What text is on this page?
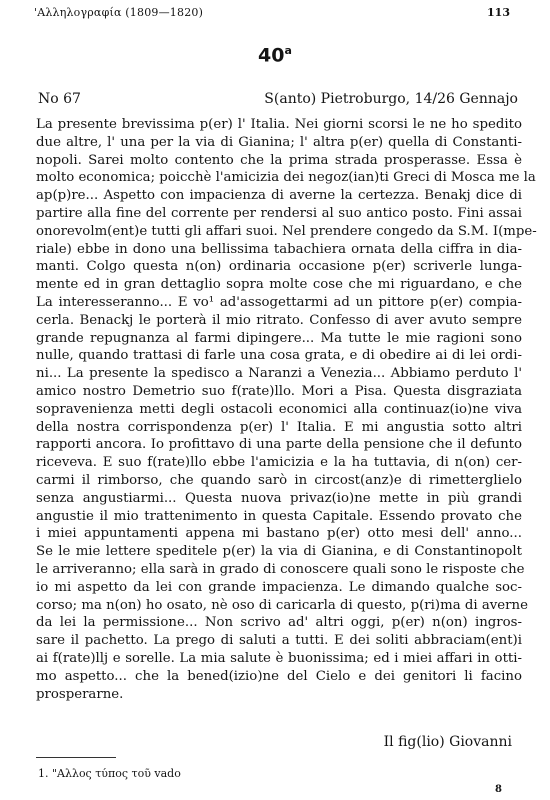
'Αλληλογραφία (1809—1820)	113
40$^a$
No 67	S(anto) Pietroburgo, 14/26 Gennajo
La presente brevissima p(er) l' Italia. Nei giorni scorsi le ne ho spedito
due altre, l' una per la via di Gianina; l' altra p(er) quella di Constanti-
nopoli. Sarei molto contento che la prima strada prosperasse. Essa è
molto economica; poicchè l'amicizia dei negoz(ian)ti Greci di Mosca me la
ap(p)re... Aspetto con impacienza di averne la certezza. Benakj dice di
partire alla fine del corrente per rendersi al suo antico posto. Fini assai
onorevolm(ent)e tutti gli affari suoi. Nel prendere congedo da S.M. I(mpe-
riale) ebbe in dono una bellissima tabachiera ornata della ciffra in dia-
manti. Colgo questa n(on) ordinaria occasione p(er) scriverle lunga-
mente ed in gran dettaglio sopra molte cose che mi riguardano, e che
La interesseranno... E vo¹ ad'assogettarmi ad un pittore p(er) compia-
cerla. Benackj le porterà il mio ritrato. Confesso di aver avuto sempre
grande repugnanza al farmi dipingere... Ma tutte le mie ragioni sono
nulle, quando trattasi di farle una cosa grata, e di obedire ai di lei ordi-
ni... La presente la spedisco a Naranzi a Venezia... Abbiamo perduto l'
amico nostro Demetrio suo f(rate)llo. Mori a Pisa. Questa disgraziata
sopravenienza metti degli ostacoli economici alla continuaz(io)ne viva
della nostra corrispondenza p(er) l' Italia. E mi angustia sotto altri
rapporti ancora. Io profittavo di una parte della pensione che il defunto
riceveva. E suo f(rate)llo ebbe l'amicizia e la ha tuttavia, di n(on) cer-
carmi il rimborso, che quando sarò in circost(anz)e di rimetterglielo
senza angustiarmi... Questa nuova privaz(io)ne mette in più grandi
angustie il mio trattenimento in questa Capitale. Essendo provato che
i miei appuntamenti appena mi bastano p(er) otto mesi dell' anno...
Se le mie lettere speditele p(er) la via di Gianina, e di Constantinopolt
le arriveranno; ella sarà in grado di conoscere quali sono le risposte che
io mi aspetto da lei con grande impacienza. Le dimando qualche soc-
corso; ma n(on) ho osato, nè oso di caricarla di questo, p(ri)ma di averne
da lei la permissione... Non scrivo ad' altri oggi, p(er) n(on) ingros-
sare il pachetto. La prego di saluti a tutti. E dei soliti abbraciam(ent)i
ai f(rate)llj e sorelle. La mia salute è buonissima; ed i miei affari in otti-
mo aspetto... che la bened(izio)ne del Cielo e dei genitori li facino
prosperarne.
Il fig(lio) Giovanni
1. "Αλλος τύπος τοῦ vado
8
